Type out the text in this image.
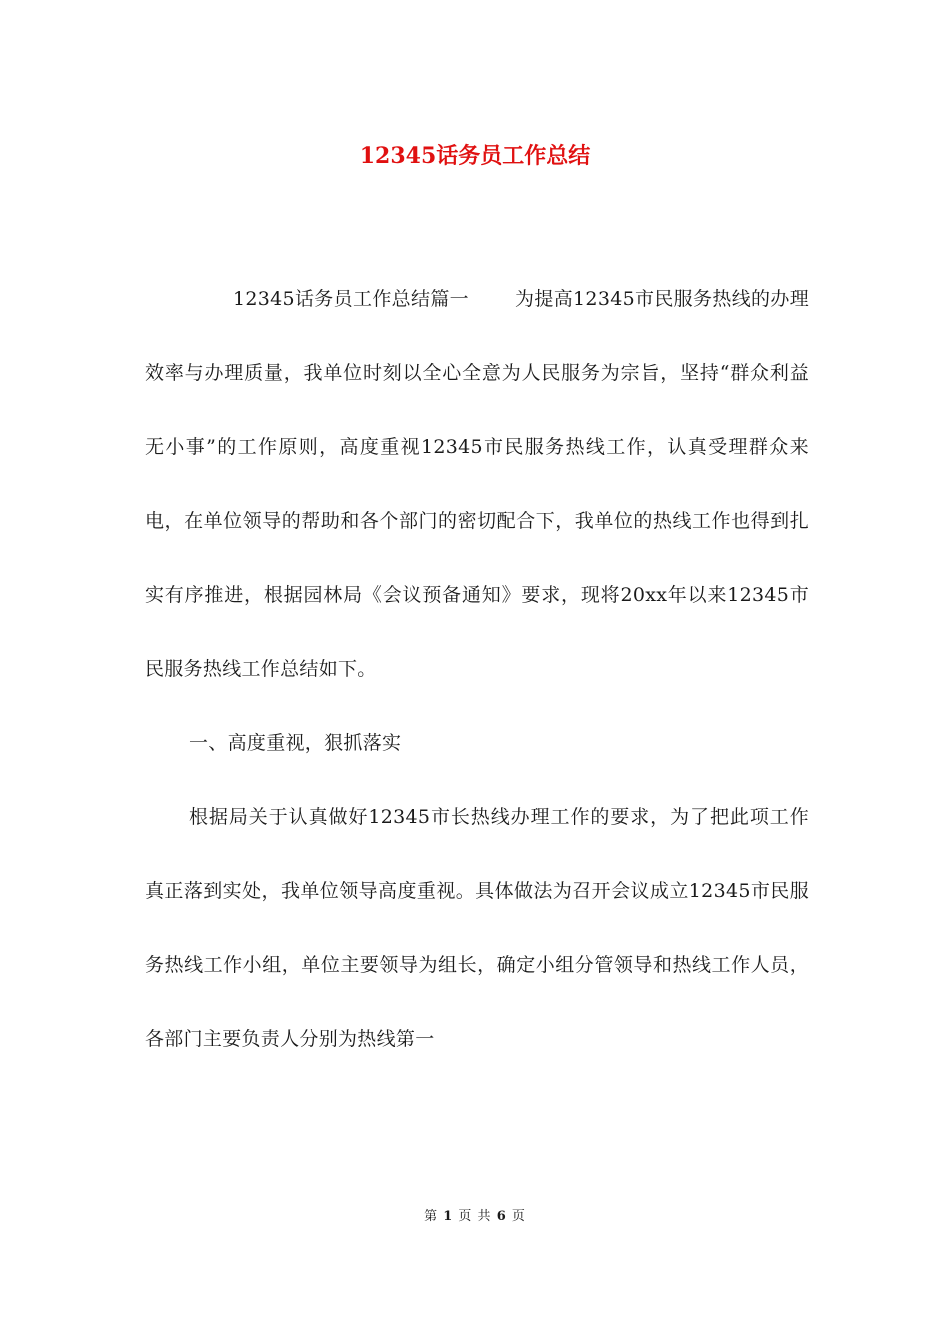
12345话务员工作总结

12345话务员工作总结篇一 为提高12345市民服务热线的办理效率与办理质量，我单位时刻以全心全意为人民服务为宗旨，坚持“群众利益无小事”的工作原则，高度重视12345市民服务热线工作，认真受理群众来电，在单位领导的帮助和各个部门的密切配合下，我单位的热线工作也得到扎实有序推进，根据园林局《会议预备通知》要求，现将20xx年以来12345市民服务热线工作总结如下。

一、高度重视，狠抓落实

根据局关于认真做好12345市长热线办理工作的要求，为了把此项工作真正落到实处，我单位领导高度重视。具体做法为召开会议成立12345市民服务热线工作小组，单位主要领导为组长，确定小组分管领导和热线工作人员，各部门主要负责人分别为热线第一

第 1 页 共 6 页
